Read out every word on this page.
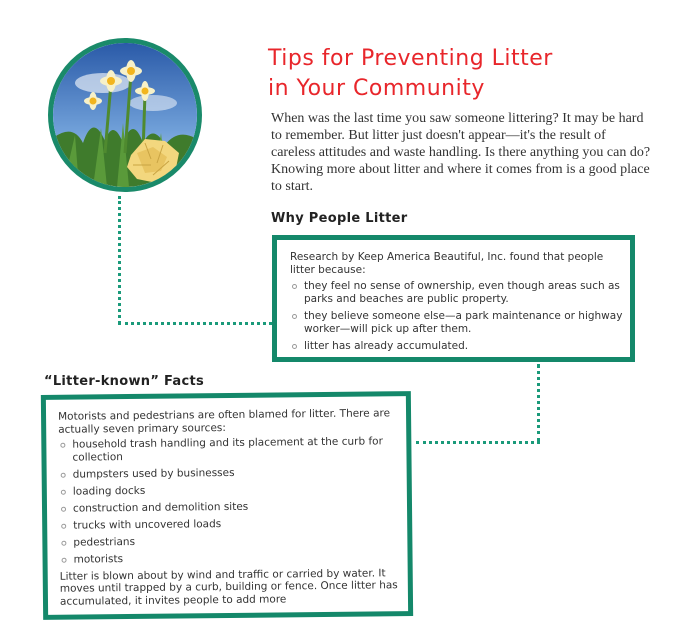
Tips for Preventing Litter
in Your Community
When was the last time you saw someone littering? It may be hard to remember. But litter just doesn't appear—it's the result of careless attitudes and waste handling. Is there anything you can do? Knowing more about litter and where it comes from is a good place to start.
Why People Litter

Research by Keep America Beautiful, Inc. found that people litter because:

they feel no sense of ownership, even though areas such as parks and beaches are public property.
they believe someone else—a park maintenance or highway worker—will pick up after them.
litter has already accumulated.
“Litter-known” Facts

Motorists and pedestrians are often blamed for litter. There are actually seven primary sources:

household trash handling and its placement at the curb for collection
dumpsters used by businesses
loading docks
construction and demolition sites
trucks with uncovered loads
pedestrians
motorists

Litter is blown about by wind and traffic or carried by water. It moves until trapped by a curb, building or fence. Once litter has accumulated, it invites people to add more
